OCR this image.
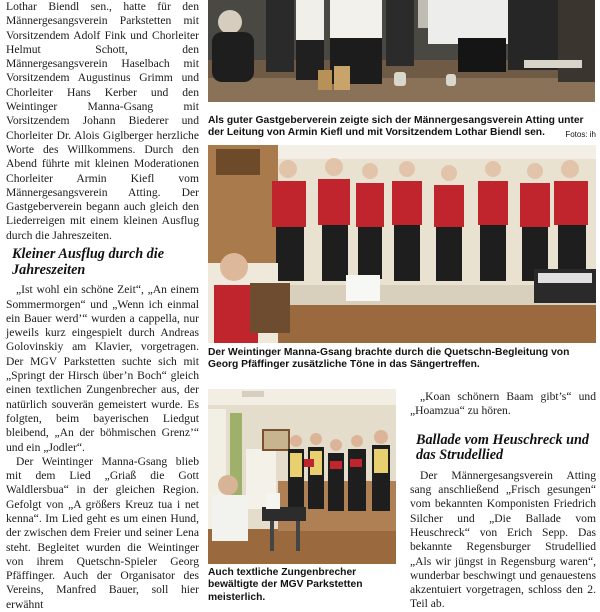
Lothar Biendl sen., hatte für den Männergesangsverein Parkstetten mit Vorsitzendem Adolf Fink und Chorleiter Helmut Schott, den Männergesangsverein Haselbach mit Vorsitzendem Augustinus Grimm und Chorleiter Hans Kerber und den Weintinger Manna-Gsang mit Vorsitzendem Johann Biederer und Chorleiter Dr. Alois Giglberger herzliche Worte des Willkommens. Durch den Abend führte mit kleinen Moderationen Chorleiter Armin Kiefl vom Männergesangsverein Atting. Der Gastgeberverein begann auch gleich den Liederreigen mit einem kleinen Ausflug durch die Jahreszeiten.

Kleiner Ausflug durch die Jahreszeiten

„Ist wohl ein schöne Zeit“, „An einem Sommermorgen“ und „Wenn ich einmal ein Bauer werd’“ wurden a cappella, nur jeweils kurz eingespielt durch Andreas Golovinskiy am Klavier, vorgetragen. Der MGV Parkstetten suchte sich mit „Springt der Hirsch über’n Boch“ gleich einen textlichen Zungenbrecher aus, der natürlich souverän gemeistert wurde. Es folgten, beim bayerischen Liedgut bleibend, „An der böhmischen Grenz’“ und ein „Jodler“.

Der Weintinger Manna-Gsang blieb mit dem Lied „Griaß die Gott Waldlersbua“ in der gleichen Region. Gefolgt von „A größers Kreuz tua i net kenna“. Im Lied geht es um einen Hund, der zwischen dem Freier und seiner Lena steht. Begleitet wurden die Weintinger von ihrem Quetschn-Spieler Georg Pfäffinger. Auch der Organisator des Vereins, Manfred Bauer, soll hier erwähnt

Als guter Gastgeberverein zeigte sich der Männergesangsverein Atting unter der Leitung von Armin Kiefl und mit Vorsitzendem Lothar Biendl sen.	Fotos: ih

Der Weintinger Manna-Gsang brachte durch die Quetschn-Begleitung von Georg Pfäffinger zusätzliche Töne in das Sängertreffen.

Auch textliche Zungenbrecher bewältigte der MGV Parkstetten meisterlich.

„Koan schönern Baam gibt’s“ und „Hoamzua“ zu hören.

Ballade vom Heuschreck und das Strudellied

Der Männergesangsverein Atting sang anschließend „Frisch gesungen“ vom bekannten Komponisten Friedrich Silcher und „Die Ballade vom Heuschreck“ von Erich Sepp. Das bekannte Regensburger Strudellied „Als wir jüngst in Regensburg waren“, wunderbar beschwingt und genauestens akzentuiert vorgetragen, schloss den 2. Teil ab.
